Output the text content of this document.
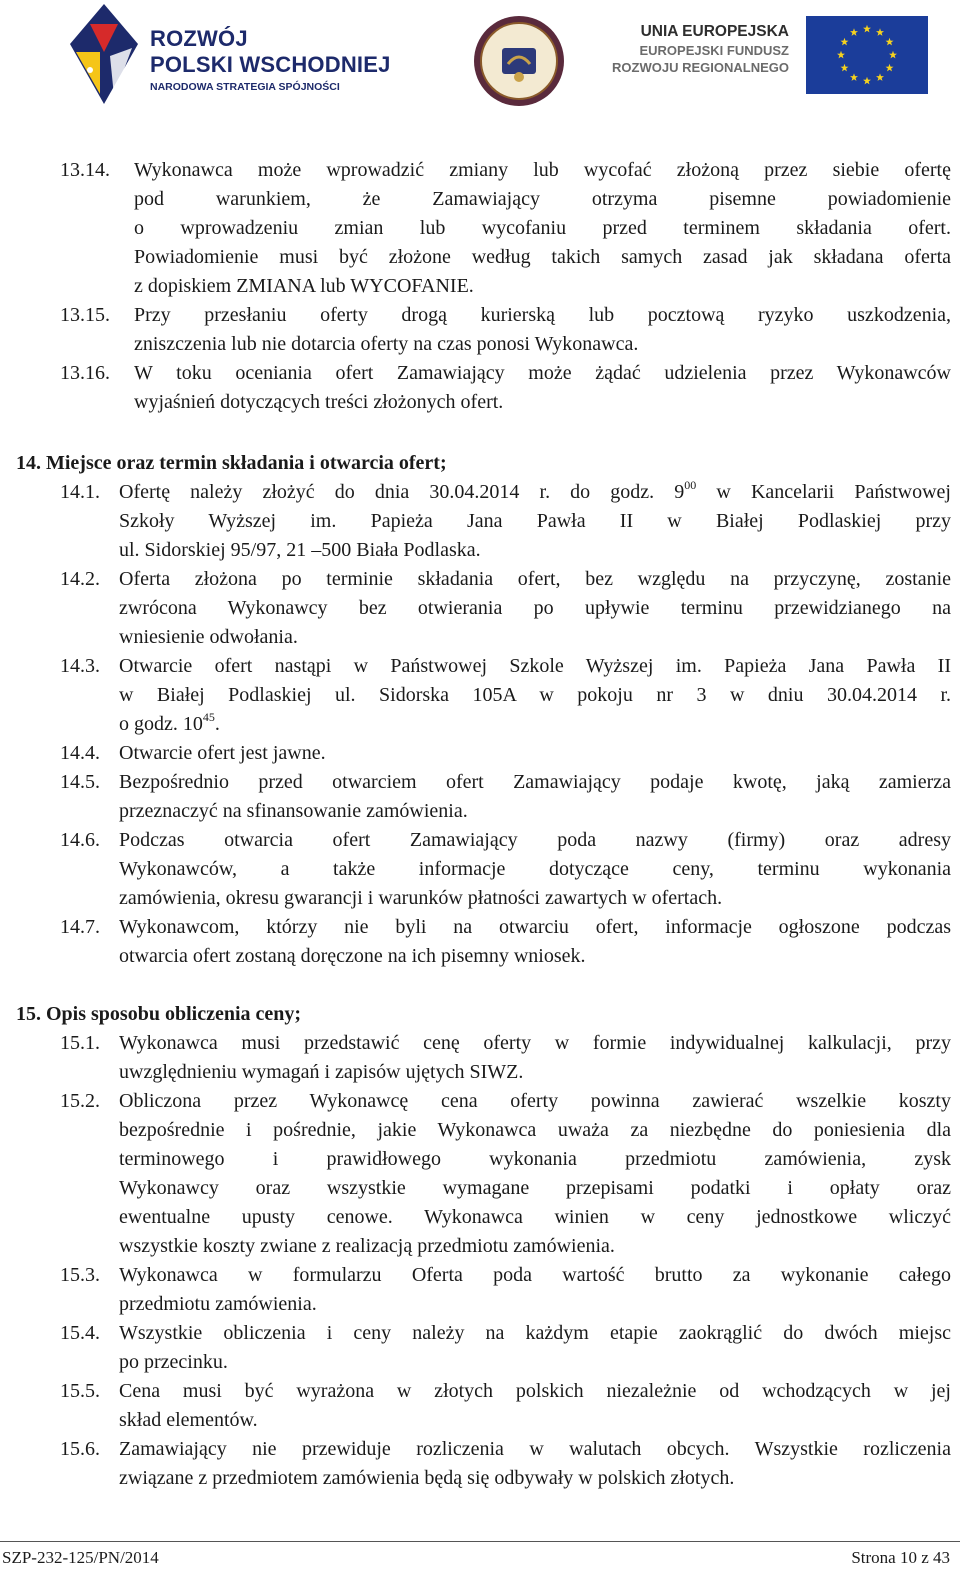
ROZWÓJ
POLSKI WSCHODNIEJ
NARODOWA STRATEGIA SPÓJNOŚCI
UNIA EUROPEJSKA
EUROPEJSKI FUNDUSZ
ROZWOJU REGIONALNEGO
13.14. Wykonawca może wprowadzić zmiany lub wycofać złożoną przez siebie ofertę
pod warunkiem, że Zamawiający otrzyma pisemne powiadomienie
o wprowadzeniu zmian lub wycofaniu przed terminem składania ofert.
Powiadomienie musi być złożone według takich samych zasad jak składana oferta
z dopiskiem ZMIANA lub WYCOFANIE.
13.15. Przy przesłaniu oferty drogą kurierską lub pocztową ryzyko uszkodzenia,
zniszczenia lub nie dotarcia oferty na czas ponosi Wykonawca.
13.16. W toku oceniania ofert Zamawiający może żądać udzielenia przez Wykonawców
wyjaśnień dotyczących treści złożonych ofert.
14. Miejsce oraz termin składania i otwarcia ofert;
14.1. Ofertę należy złożyć do dnia 30.04.2014 r. do godz. $9^{00}$ w Kancelarii Państwowej
Szkoły Wyższej im. Papieża Jana Pawła II w Białej Podlaskiej przy
ul. Sidorskiej 95/97, 21 –500 Biała Podlaska.
14.2. Oferta złożona po terminie składania ofert, bez względu na przyczynę, zostanie
zwrócona Wykonawcy bez otwierania po upływie terminu przewidzianego na
wniesienie odwołania.
14.3. Otwarcie ofert nastąpi w Państwowej Szkole Wyższej im. Papieża Jana Pawła II
w Białej Podlaskiej ul. Sidorska 105A w pokoju nr 3 w dniu 30.04.2014 r.
o godz. $10^{45}$.
14.4. Otwarcie ofert jest jawne.
14.5. Bezpośrednio przed otwarciem ofert Zamawiający podaje kwotę, jaką zamierza
przeznaczyć na sfinansowanie zamówienia.
14.6. Podczas otwarcia ofert Zamawiający poda nazwy (firmy) oraz adresy
Wykonawców, a także informacje dotyczące ceny, terminu wykonania
zamówienia, okresu gwarancji i warunków płatności zawartych w ofertach.
14.7. Wykonawcom, którzy nie byli na otwarciu ofert, informacje ogłoszone podczas
otwarcia ofert zostaną doręczone na ich pisemny wniosek.
15. Opis sposobu obliczenia ceny;
15.1. Wykonawca musi przedstawić cenę oferty w formie indywidualnej kalkulacji, przy
uwzględnieniu wymagań i zapisów ujętych SIWZ.
15.2. Obliczona przez Wykonawcę cena oferty powinna zawierać wszelkie koszty
bezpośrednie i pośrednie, jakie Wykonawca uważa za niezbędne do poniesienia dla
terminowego i prawidłowego wykonania przedmiotu zamówienia, zysk
Wykonawcy oraz wszystkie wymagane przepisami podatki i opłaty oraz
ewentualne upusty cenowe. Wykonawca winien w ceny jednostkowe wliczyć
wszystkie koszty zwiane z realizacją przedmiotu zamówienia.
15.3. Wykonawca w formularzu Oferta poda wartość brutto za wykonanie całego
przedmiotu zamówienia.
15.4. Wszystkie obliczenia i ceny należy na każdym etapie zaokrąglić do dwóch miejsc
po przecinku.
15.5. Cena musi być wyrażona w złotych polskich niezależnie od wchodzących w jej
skład elementów.
15.6. Zamawiający nie przewiduje rozliczenia w walutach obcych. Wszystkie rozliczenia
związane z przedmiotem zamówienia będą się odbywały w polskich złotych.
SZP-232-125/PN/2014	Strona 10 z 43
